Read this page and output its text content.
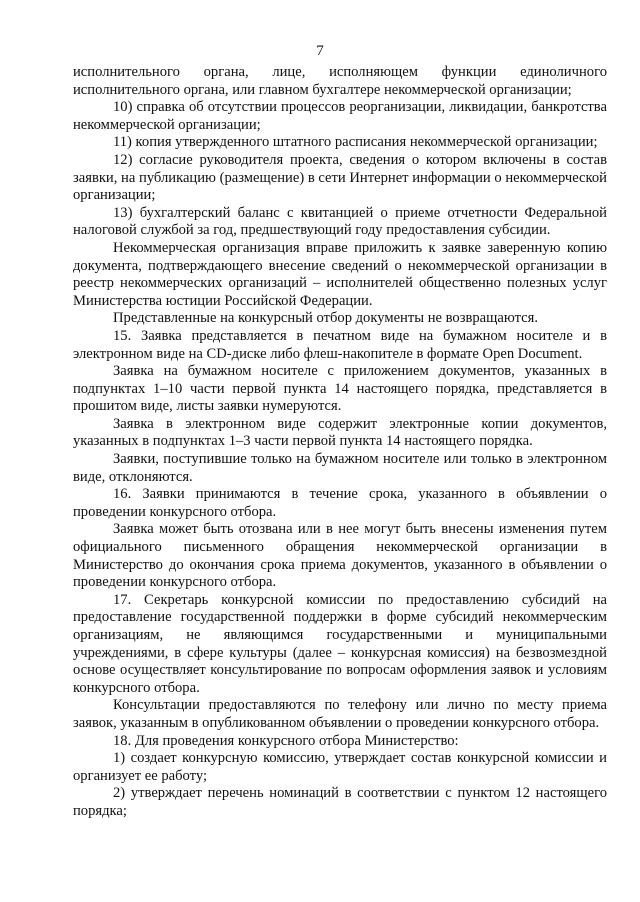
7

исполнительного органа, лице, исполняющем функции единоличного исполнительного органа, или главном бухгалтере некоммерческой организации;

10) справка об отсутствии процессов реорганизации, ликвидации, банкротства некоммерческой организации;

11) копия утвержденного штатного расписания некоммерческой организации;

12) согласие руководителя проекта, сведения о котором включены в состав заявки, на публикацию (размещение) в сети Интернет информации о некоммерческой организации;

13) бухгалтерский баланс с квитанцией о приеме отчетности Федеральной налоговой службой за год, предшествующий году предоставления субсидии.

Некоммерческая организация вправе приложить к заявке заверенную копию документа, подтверждающего внесение сведений о некоммерческой организации в реестр некоммерческих организаций – исполнителей общественно полезных услуг Министерства юстиции Российской Федерации.

Представленные на конкурсный отбор документы не возвращаются.

15. Заявка представляется в печатном виде на бумажном носителе и в электронном виде на CD-диске либо флеш-накопителе в формате Open Document.

Заявка на бумажном носителе с приложением документов, указанных в подпунктах 1–10 части первой пункта 14 настоящего порядка, представляется в прошитом виде, листы заявки нумеруются.

Заявка в электронном виде содержит электронные копии документов, указанных в подпунктах 1–3 части первой пункта 14 настоящего порядка.

Заявки, поступившие только на бумажном носителе или только в электронном виде, отклоняются.

16. Заявки принимаются в течение срока, указанного в объявлении о проведении конкурсного отбора.

Заявка может быть отозвана или в нее могут быть внесены изменения путем официального письменного обращения некоммерческой организации в Министерство до окончания срока приема документов, указанного в объявлении о проведении конкурсного отбора.

17. Секретарь конкурсной комиссии по предоставлению субсидий на предоставление государственной поддержки в форме субсидий некоммерческим организациям, не являющимся государственными и муниципальными учреждениями, в сфере культуры (далее – конкурсная комиссия) на безвозмездной основе осуществляет консультирование по вопросам оформления заявок и условиям конкурсного отбора.

Консультации предоставляются по телефону или лично по месту приема заявок, указанным в опубликованном объявлении о проведении конкурсного отбора.

18. Для проведения конкурсного отбора Министерство:

1) создает конкурсную комиссию, утверждает состав конкурсной комиссии и организует ее работу;

2) утверждает перечень номинаций в соответствии с пунктом 12 настоящего порядка;
